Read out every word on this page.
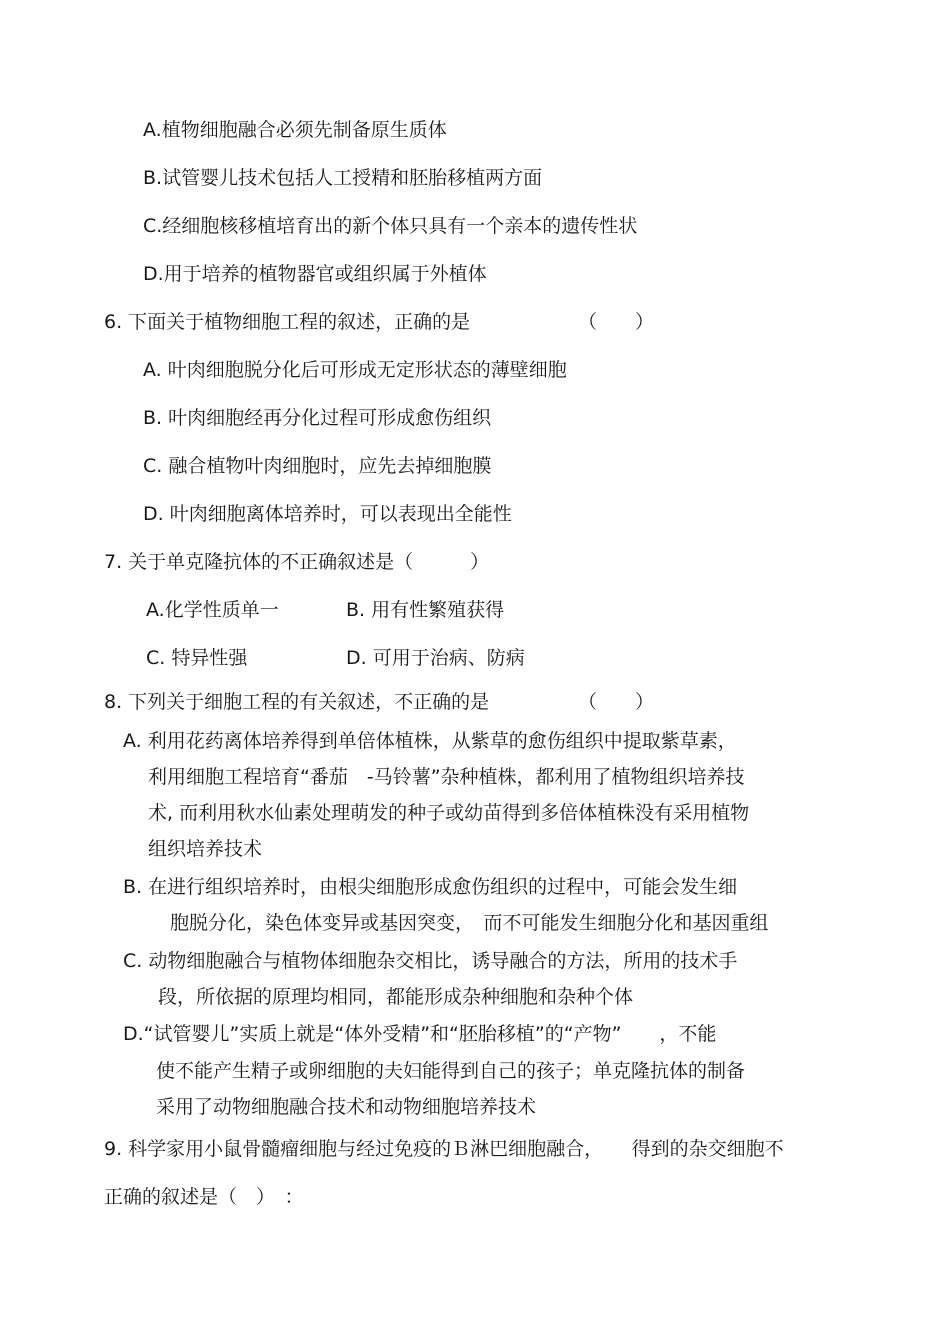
A.植物细胞融合必须先制备原生质体
B.试管婴儿技术包括人工授精和胚胎移植两方面
C.经细胞核移植培育出的新个体只具有一个亲本的遗传性状
D.用于培养的植物器官或组织属于外植体
6. 下面关于植物细胞工程的叙述，正确的是	（　　）
A. 叶肉细胞脱分化后可形成无定形状态的薄壁细胞
B. 叶肉细胞经再分化过程可形成愈伤组织
C. 融合植物叶肉细胞时，应先去掉细胞膜
D. 叶肉细胞离体培养时，可以表现出全能性
7. 关于单克隆抗体的不正确叙述是（　　　）
A.化学性质单一	B. 用有性繁殖获得
C. 特异性强	D. 可用于治病、防病
8. 下列关于细胞工程的有关叙述，不正确的是	（　　）
A. 利用花药离体培养得到单倍体植株，从紫草的愈伤组织中提取紫草素，
利用细胞工程培育“番茄　-马铃薯”杂种植株，都利用了植物组织培养技
术, 而利用秋水仙素处理萌发的种子或幼苗得到多倍体植株没有采用植物
组织培养技术
B. 在进行组织培养时，由根尖细胞形成愈伤组织的过程中，可能会发生细
胞脱分化，染色体变异或基因突变，　而不可能发生细胞分化和基因重组
C. 动物细胞融合与植物体细胞杂交相比，诱导融合的方法，所用的技术手
段，所依据的原理均相同，都能形成杂种细胞和杂种个体
D.“试管婴儿”实质上就是“体外受精”和“胚胎移植”的“产物”　　，不能
使不能产生精子或卵细胞的夫妇能得到自己的孩子；单克隆抗体的制备
采用了动物细胞融合技术和动物细胞培养技术
9. 科学家用小鼠骨髓瘤细胞与经过免疫的Ｂ淋巴细胞融合，　　得到的杂交细胞不
正确的叙述是（　）　：
